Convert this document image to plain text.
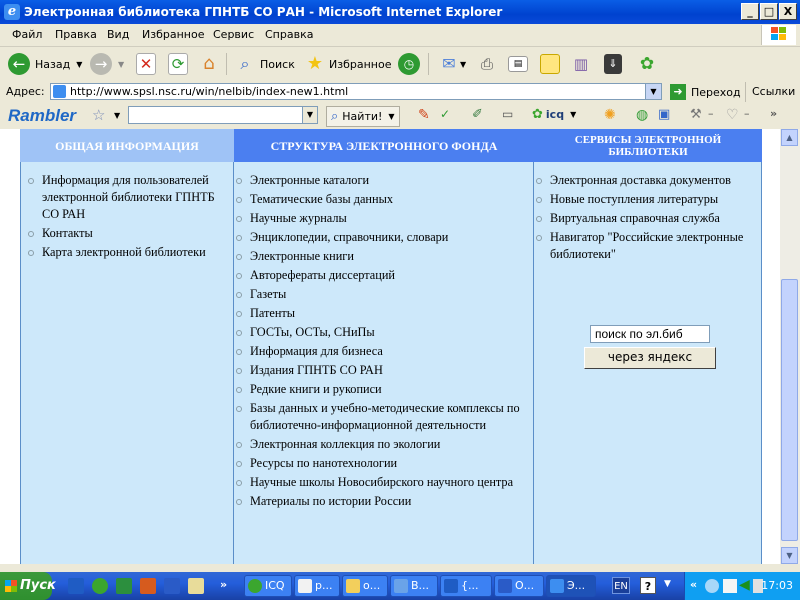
e Электронная библиотека ГПНТБ СО РАН - Microsoft Internet Explorer	_	□ X
Файл Правка Вид Избранное Сервис Справка
← Назад ▼ →	▼ ✕ ⟳ ⌂	⌕ Поиск ★ Избранное	◷	✉ ▼ ⎙	▤	▥	⇓ ✿
Адрес: http://www.spsl.nsc.ru/win/nelbib/index-new1.html	▼	➜ Переход Ссылки
Rambler ☆ ▼	▼	⌕ Найти! ▼ ✎ ✓ ✐ ▭ ✿ icq ▼ ✺ ◍ ▣ ⚒ – ♡ – »
ОБЩАЯ ИНФОРМАЦИЯ
Информация для пользователей электронной библиотеки ГПНТБ СО РАН
Контакты
Карта электронной библиотеки
СТРУКТУРА ЭЛЕКТРОННОГО ФОНДА
Электронные каталоги
Тематические базы данных
Научные журналы
Энциклопедии, справочники, словари
Электронные книги
Авторефераты диссертаций
Газеты
Патенты
ГОСТы, ОСТы, СНиПы
Информация для бизнеса
Издания ГПНТБ СО РАН
Редкие книги и рукописи
Базы данных и учебно-методические комплексы по библиотечно-информационной деятельности
Электронная коллекция по экологии
Ресурсы по нанотехнологии
Научные школы Новосибирского научного центра
Материалы по истории России
СЕРВИСЫ ЭЛЕКТРОННОЙ БИБЛИОТЕКИ
Электронная доставка документов
Новые поступления литературы
Виртуальная справочная служба
Навигатор "Российские электронные библиотеки"
поиск по эл.биб
через яндекс
▲
▼
Пуск	»	ICQ	р...	о...	В...	{...	О...	Э...	EN	?	▼ «	◀ 17:03
